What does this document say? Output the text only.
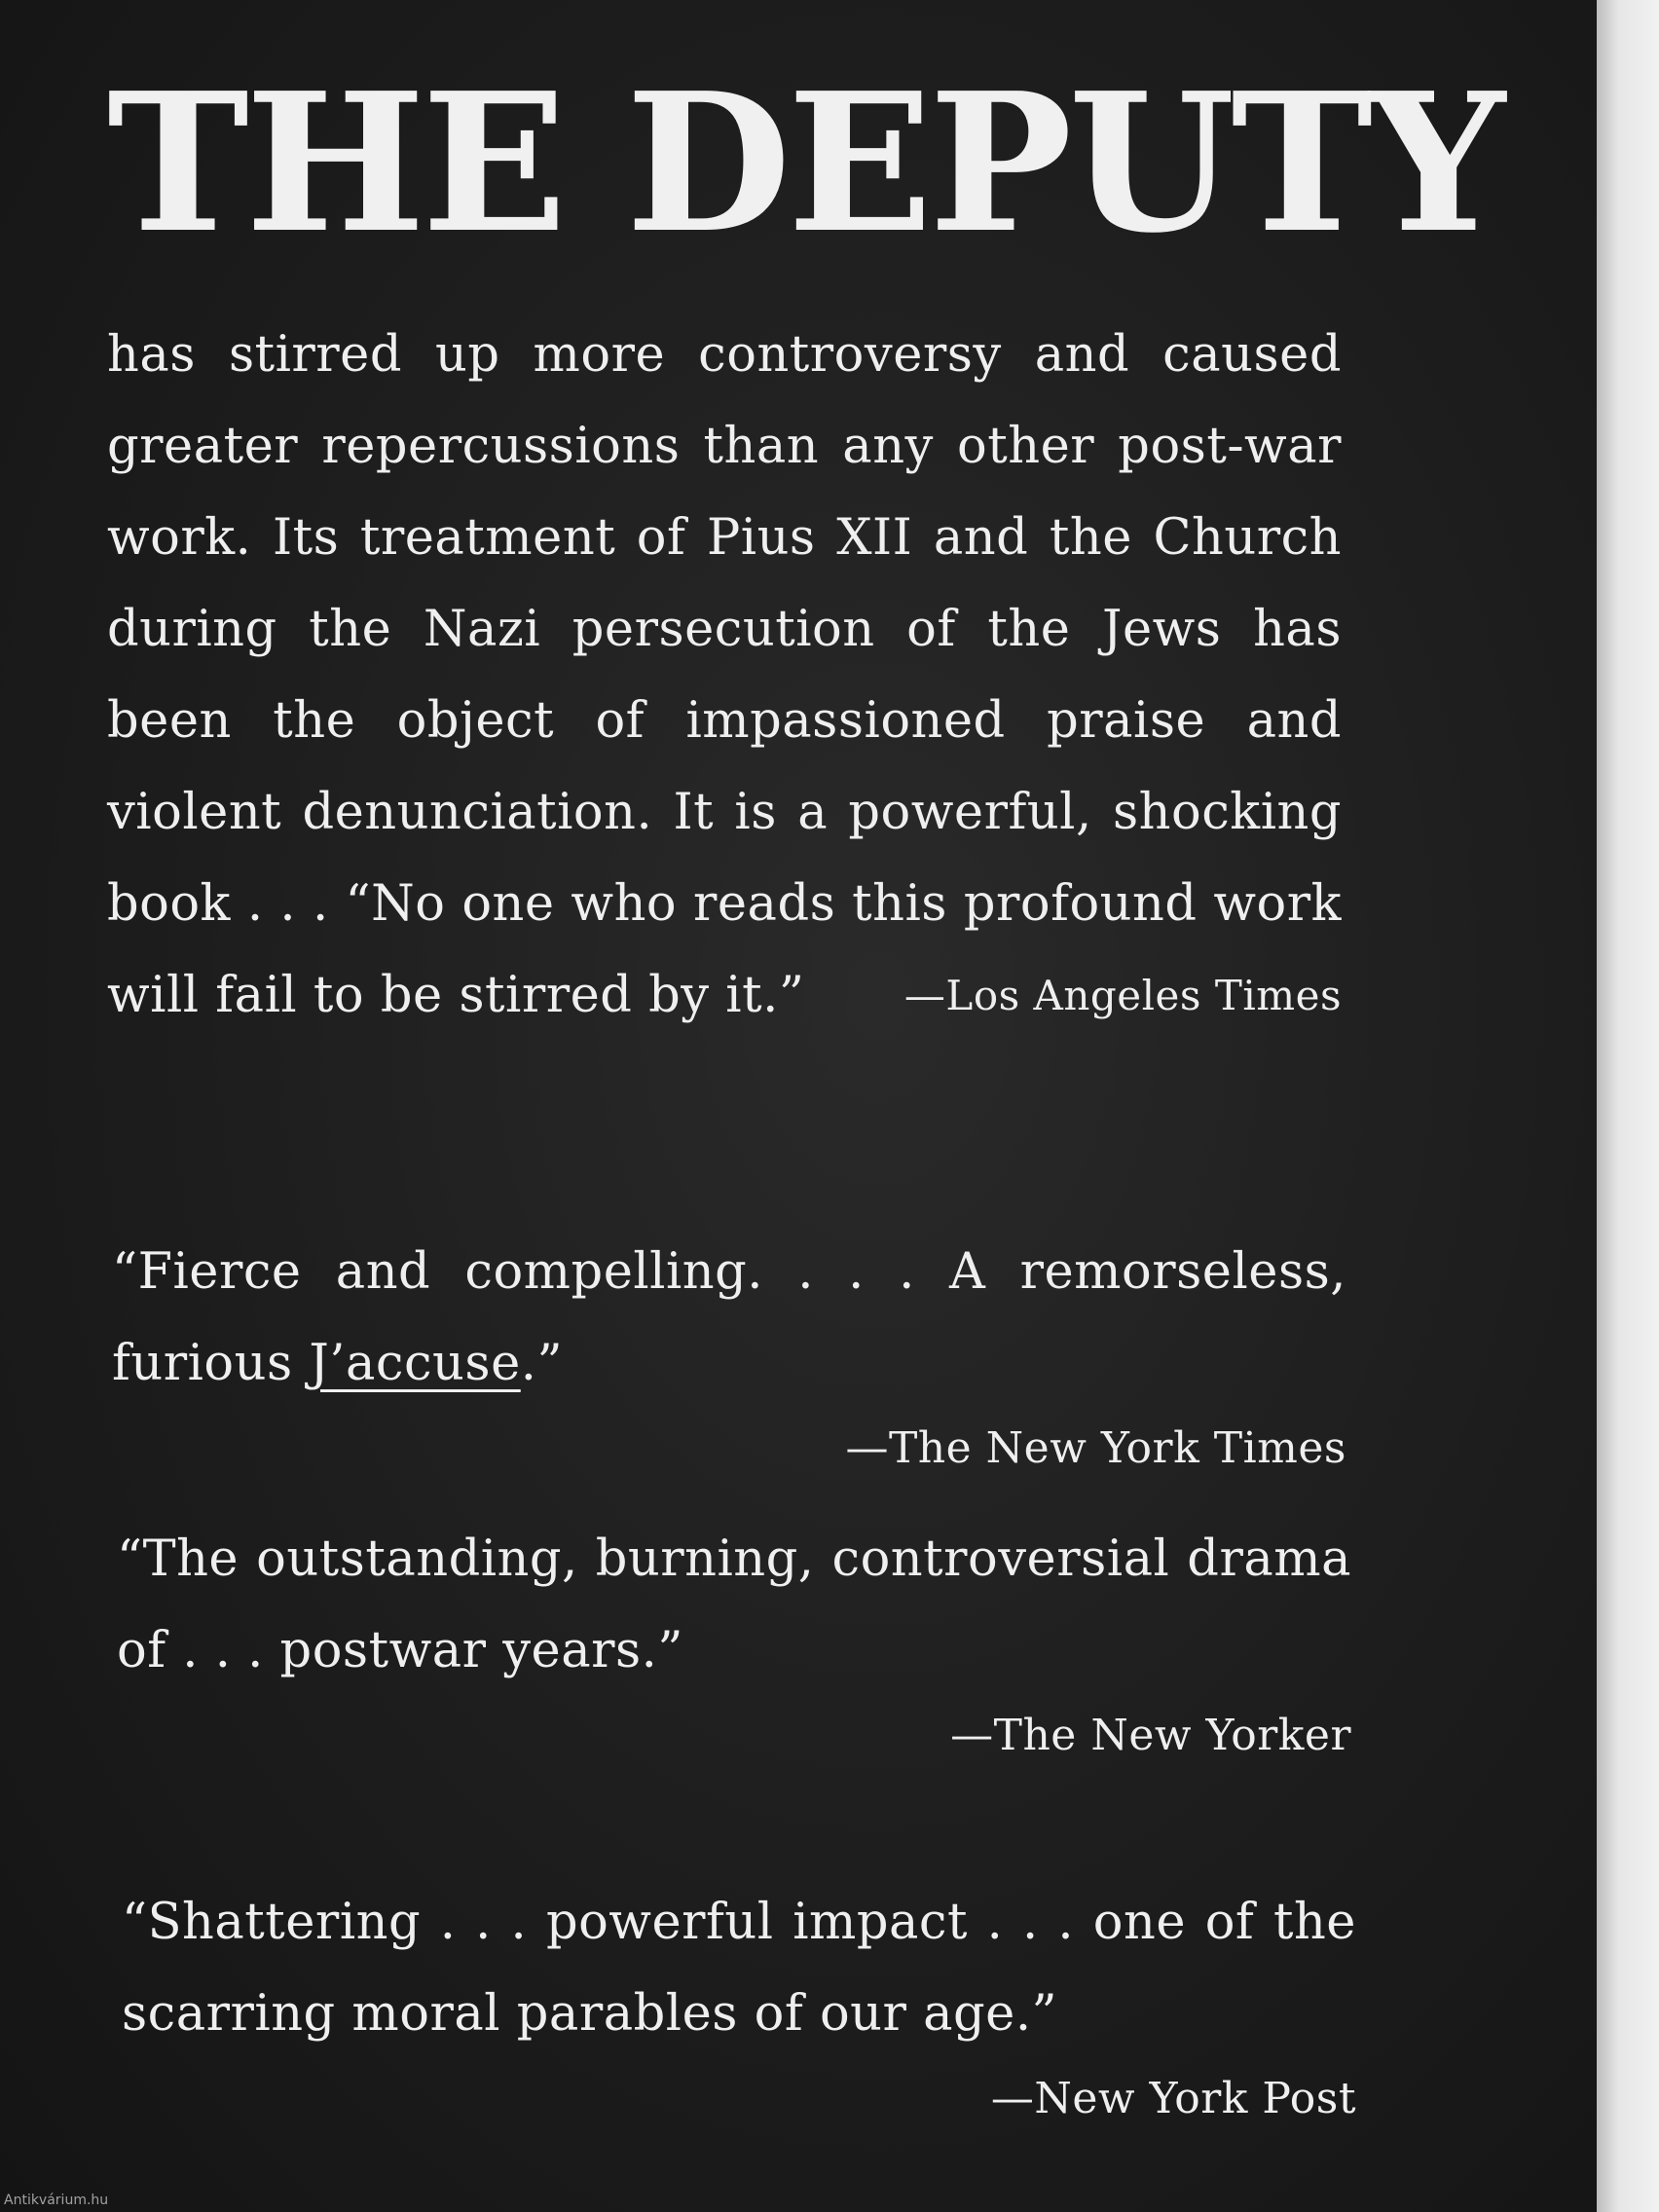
THE DEPUTY

has stirred up more controversy and caused greater repercussions than any other post-war work. Its treatment of Pius XII and the Church during the Nazi persecution of the Jews has been the object of impassioned praise and violent denunciation. It is a powerful, shocking book . . . “No one who reads this profound work will fail to be stirred by it.” —Los Angeles Times

“Fierce and compelling. . . . A remorseless, furious J’accuse.”
—The New York Times

“The outstanding, burning, controversial drama of . . . postwar years.”
—The New Yorker

“Shattering . . . powerful impact . . . one of the scarring moral parables of our age.”
—New York Post

Antikvárium.hu
